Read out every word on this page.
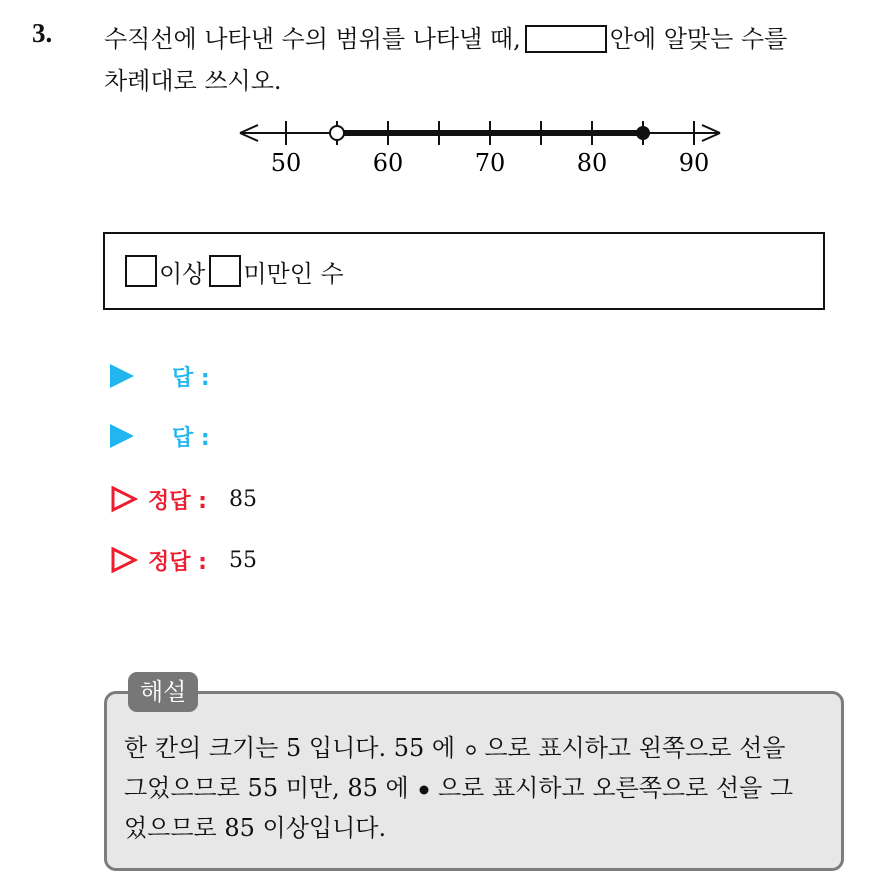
3. 수직선에 나타낸 수의 범위를 나타낼 때,	안에 알맞는 수를
차례대로 쓰시오.
50	60	70	80	90
이상 미만인 수
답 :
답 :
정답 : 85
정답 : 55
해설
한 칸의 크기는 5 입니다. 55 에 으로 표시하고 왼쪽으로 선을
그었으므로 55 미만, 85 에 으로 표시하고 오른쪽으로 선을 그
었으므로 85 이상입니다.
